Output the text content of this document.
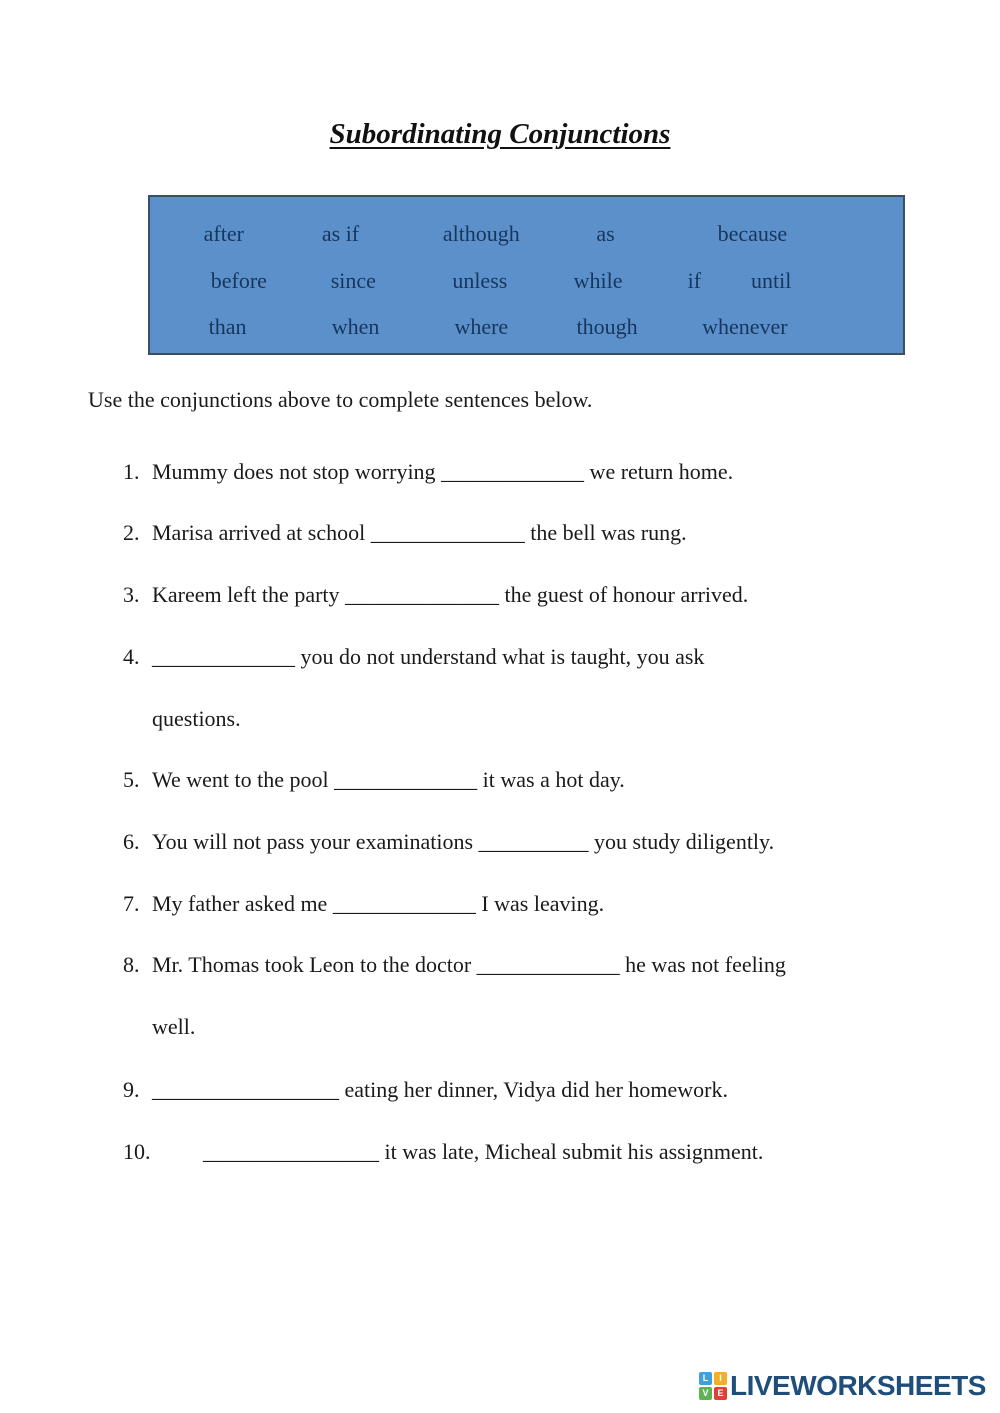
Subordinating Conjunctions
after	as if	although	as	because
before	since	unless	while	if until
than	when	where	though	whenever

Use the conjunctions above to complete sentences below.

1. Mummy does not stop worrying _____________ we return home.
2. Marisa arrived at school ______________ the bell was rung.
3. Kareem left the party ______________ the guest of honour arrived.
4. _____________ you do not understand what is taught, you ask
questions.
5. We went to the pool _____________ it was a hot day.
6. You will not pass your examinations __________ you study diligently.
7. My father asked me _____________ I was leaving.
8. Mr. Thomas took Leon to the doctor _____________ he was not feeling
well.
9. _________________ eating her dinner, Vidya did her homework.
10. ________________ it was late, Micheal submit his assignment.
L	I
V E LIVEWORKSHEETS
